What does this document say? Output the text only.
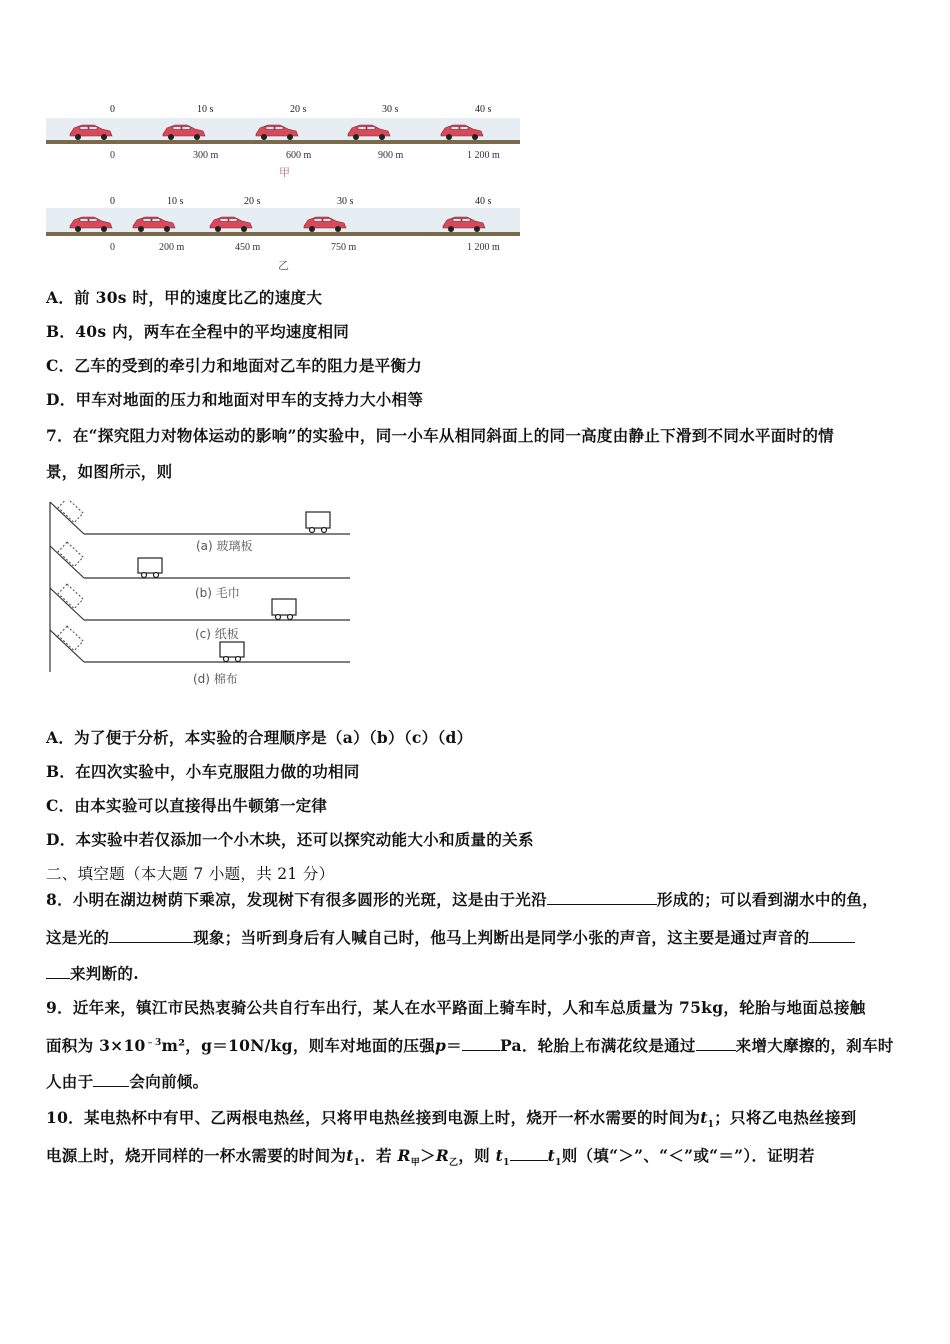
0	10 s	20 s	30 s	40 s
0	300 m	600 m	900 m	1 200 m
甲
0	10 s	20 s	30 s	40 s
0	200 m	450 m	750 m	1 200 m
乙
A．前 30s 时，甲的速度比乙的速度大
B．40s 内，两车在全程中的平均速度相同
C．乙车的受到的牵引力和地面对乙车的阻力是平衡力
D．甲车对地面的压力和地面对甲车的支持力大小相等
7．在“探究阻力对物体运动的影响”的实验中，同一小车从相同斜面上的同一高度由静止下滑到不同水平面时的情
景，如图所示，则
(a) 玻璃板
(b) 毛巾
(c) 纸板
(d) 棉布
A．为了便于分析，本实验的合理顺序是（a）（b）（c）（d）
B．在四次实验中，小车克服阻力做的功相同
C．由本实验可以直接得出牛顿第一定律
D．本实验中若仅添加一个小木块，还可以探究动能大小和质量的关系
二、填空题（本大题 7 小题，共 21 分）
8．小明在湖边树荫下乘凉，发现树下有很多圆形的光斑，这是由于光沿	形成的；可以看到湖水中的鱼，
这是光的	现象；当听到身后有人喊自己时，他马上判断出是同学小张的声音，这主要是通过声音的
来判断的.
9．近年来，镇江市民热衷骑公共自行车出行，某人在水平路面上骑车时，人和车总质量为 75kg，轮胎与地面总接触
面积为 $3\times 10^{﹣3}m^2$，g＝10N/kg，则车对地面的压强p＝ Pa．轮胎上布满花纹是通过	来增大摩擦的，刹车时
人由于 会向前倾。
10．某电热杯中有甲、乙两根电热丝，只将甲电热丝接到电源上时，烧开一杯水需要的时间为$t_1$；只将乙电热丝接到
电源上时，烧开同样的一杯水需要的时间为$t_1$．若 $R_甲>R_乙$，则 $t_1$ $t_1$则（填“＞”、“＜”或“＝”）．证明若
